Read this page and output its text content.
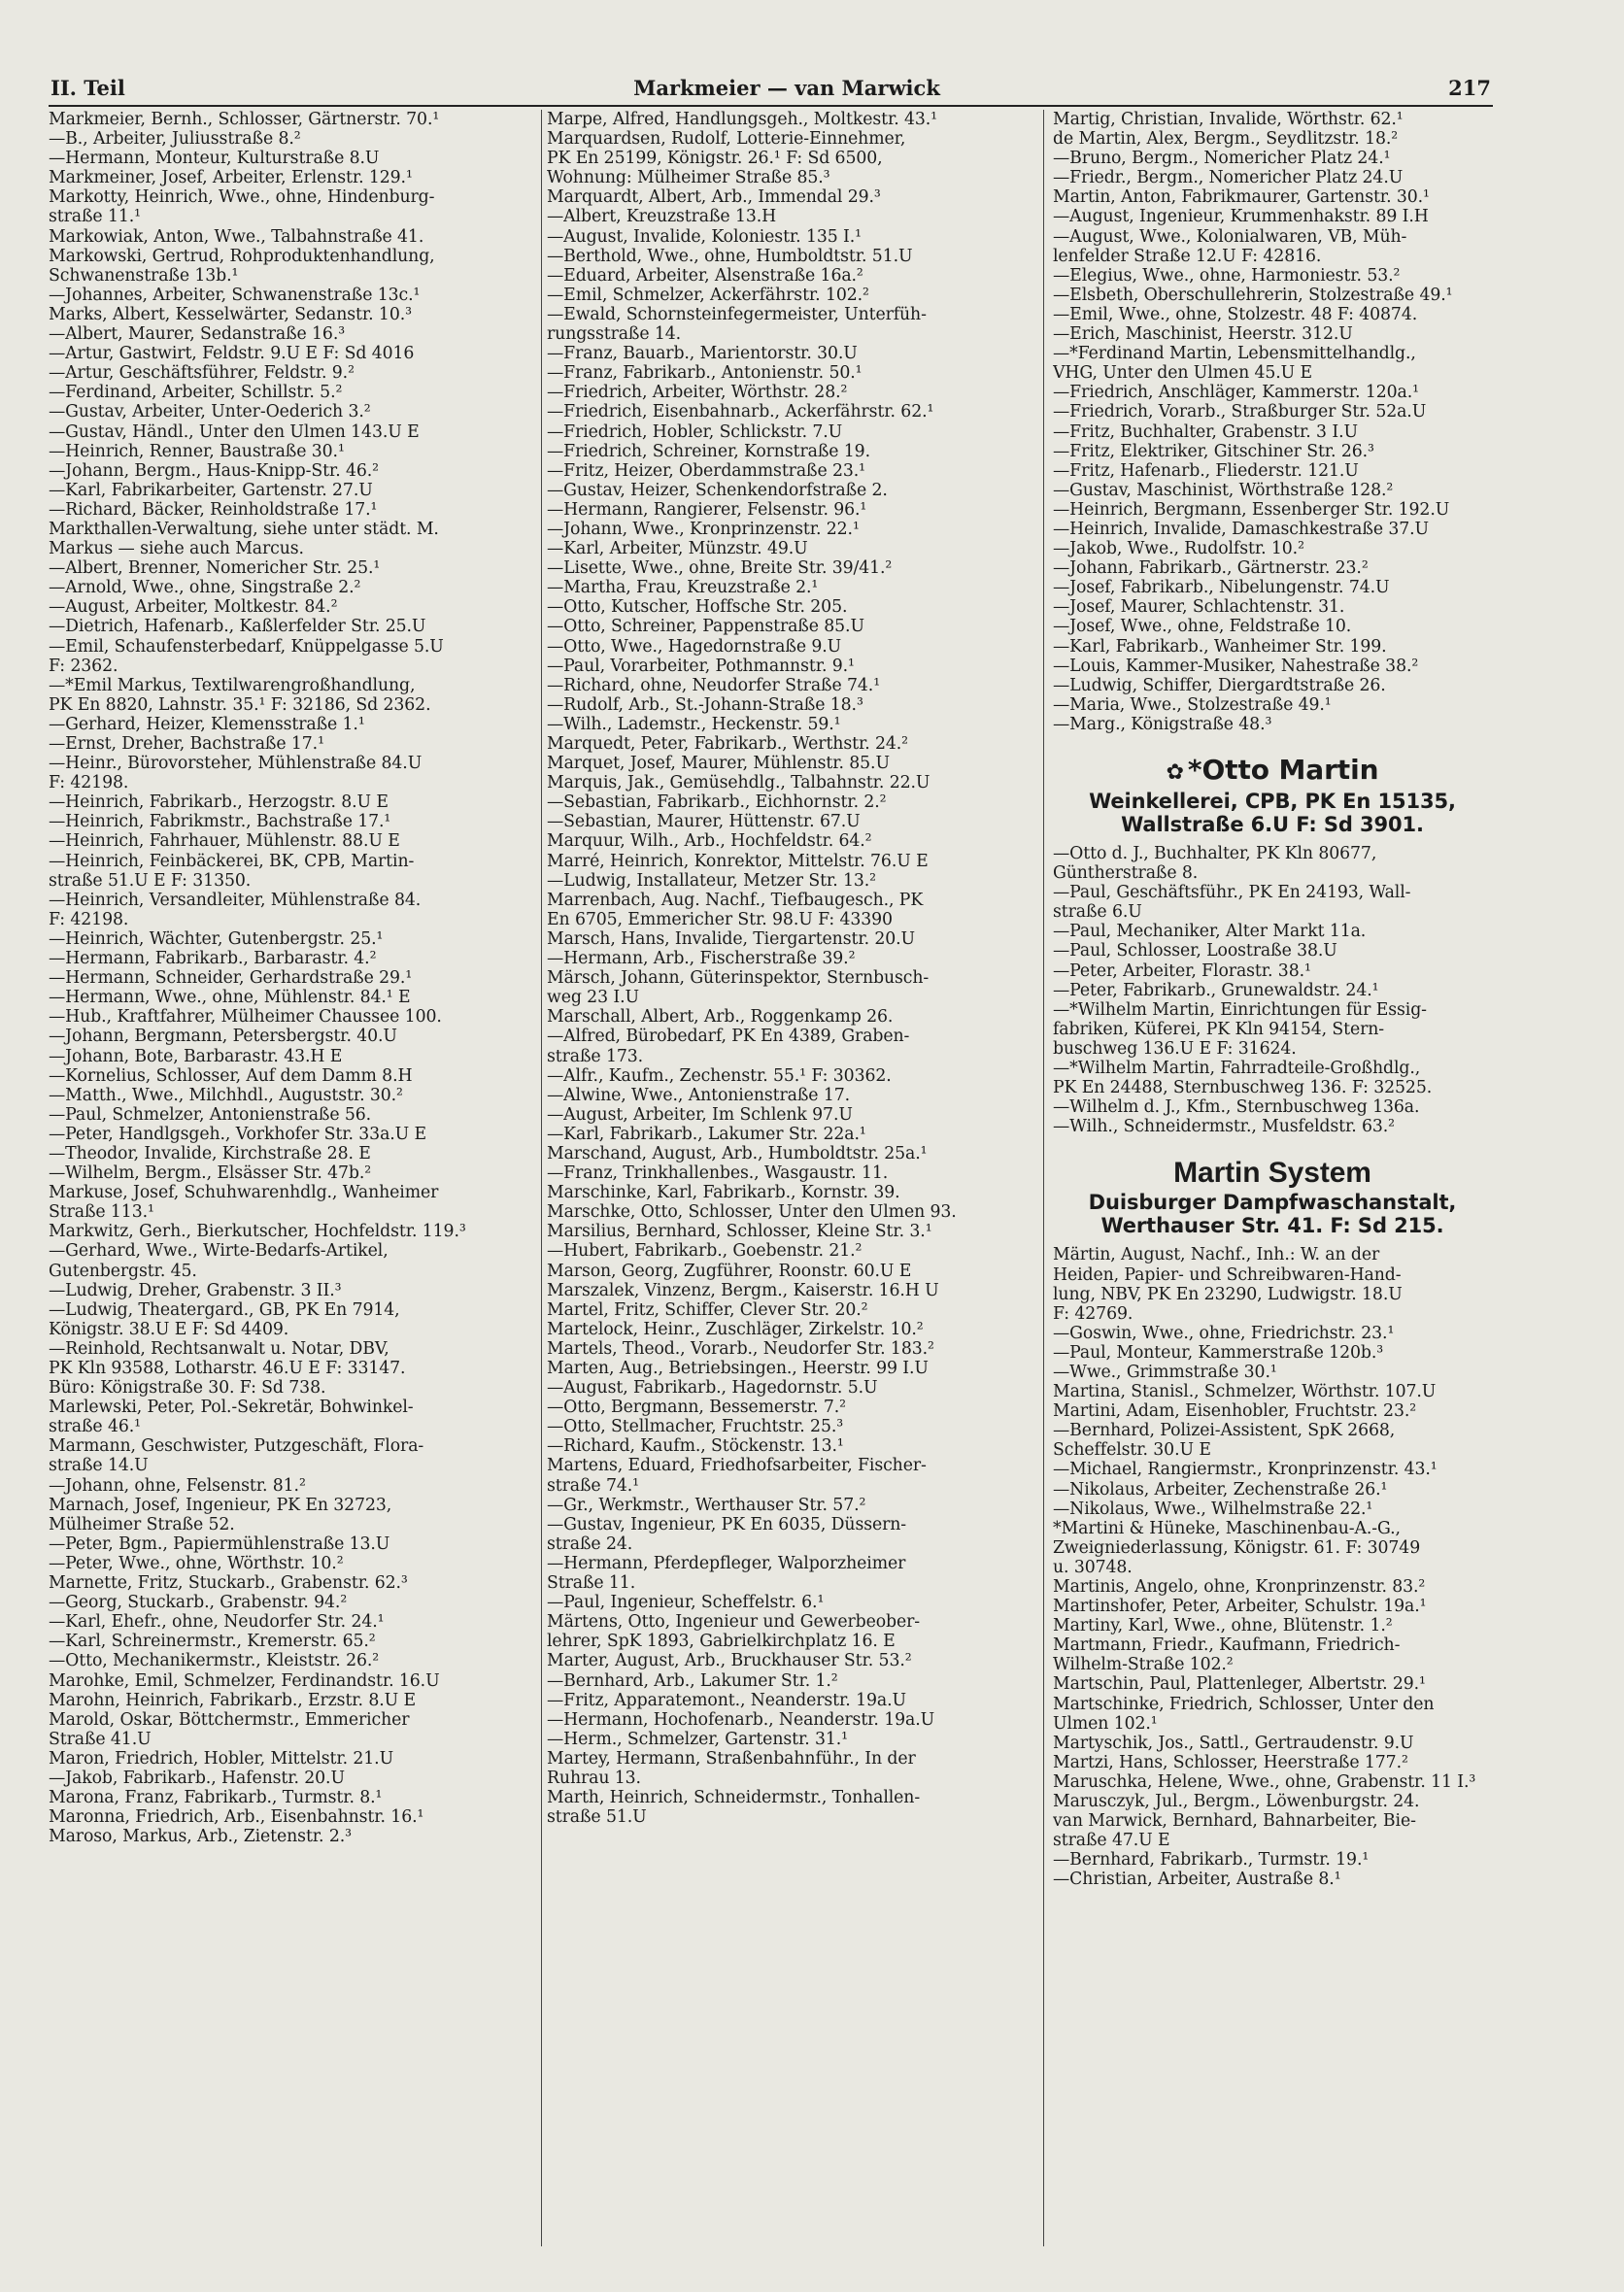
II. Teil	Markmeier — van Marwick	217
Markmeier, Bernh., Schlosser, Gärtnerstr. 70.¹
—B., Arbeiter, Juliusstraße 8.²
—Hermann, Monteur, Kulturstraße 8.U
Markmeiner, Josef, Arbeiter, Erlenstr. 129.¹
Markotty, Heinrich, Wwe., ohne, Hindenburg-
straße 11.¹
Markowiak, Anton, Wwe., Talbahnstraße 41.
Markowski, Gertrud, Rohproduktenhandlung,
Schwanenstraße 13b.¹
—Johannes, Arbeiter, Schwanenstraße 13c.¹
Marks, Albert, Kesselwärter, Sedanstr. 10.³
—Albert, Maurer, Sedanstraße 16.³
—Artur, Gastwirt, Feldstr. 9.U E F: Sd 4016
—Artur, Geschäftsführer, Feldstr. 9.²
—Ferdinand, Arbeiter, Schillstr. 5.²
—Gustav, Arbeiter, Unter-Oederich 3.²
—Gustav, Händl., Unter den Ulmen 143.U E
—Heinrich, Renner, Baustraße 30.¹
—Johann, Bergm., Haus-Knipp-Str. 46.²
—Karl, Fabrikarbeiter, Gartenstr. 27.U
—Richard, Bäcker, Reinholdstraße 17.¹
Markthallen-Verwaltung, siehe unter städt. M.
Markus — siehe auch Marcus.
—Albert, Brenner, Nomericher Str. 25.¹
—Arnold, Wwe., ohne, Singstraße 2.²
—August, Arbeiter, Moltkestr. 84.²
—Dietrich, Hafenarb., Kaßlerfelder Str. 25.U
—Emil, Schaufensterbedarf, Knüppelgasse 5.U
F: 2362.
—*Emil Markus, Textilwarengroßhandlung,
PK En 8820, Lahnstr. 35.¹ F: 32186, Sd 2362.
—Gerhard, Heizer, Klemensstraße 1.¹
—Ernst, Dreher, Bachstraße 17.¹
—Heinr., Bürovorsteher, Mühlenstraße 84.U
F: 42198.
—Heinrich, Fabrikarb., Herzogstr. 8.U E
—Heinrich, Fabrikmstr., Bachstraße 17.¹
—Heinrich, Fahrhauer, Mühlenstr. 88.U E
—Heinrich, Feinbäckerei, BK, CPB, Martin-
straße 51.U E F: 31350.
—Heinrich, Versandleiter, Mühlenstraße 84.
F: 42198.
—Heinrich, Wächter, Gutenbergstr. 25.¹
—Hermann, Fabrikarb., Barbarastr. 4.²
—Hermann, Schneider, Gerhardstraße 29.¹
—Hermann, Wwe., ohne, Mühlenstr. 84.¹ E
—Hub., Kraftfahrer, Mülheimer Chaussee 100.
—Johann, Bergmann, Petersbergstr. 40.U
—Johann, Bote, Barbarastr. 43.H E
—Kornelius, Schlosser, Auf dem Damm 8.H
—Matth., Wwe., Milchhdl., Auguststr. 30.²
—Paul, Schmelzer, Antonienstraße 56.
—Peter, Handlgsgeh., Vorkhofer Str. 33a.U E
—Theodor, Invalide, Kirchstraße 28. E
—Wilhelm, Bergm., Elsässer Str. 47b.²
Markuse, Josef, Schuhwarenhdlg., Wanheimer
Straße 113.¹
Markwitz, Gerh., Bierkutscher, Hochfeldstr. 119.³
—Gerhard, Wwe., Wirte-Bedarfs-Artikel,
Gutenbergstr. 45.
—Ludwig, Dreher, Grabenstr. 3 II.³
—Ludwig, Theatergard., GB, PK En 7914,
Königstr. 38.U E F: Sd 4409.
—Reinhold, Rechtsanwalt u. Notar, DBV,
PK Kln 93588, Lotharstr. 46.U E F: 33147.
Büro: Königstraße 30. F: Sd 738.
Marlewski, Peter, Pol.-Sekretär, Bohwinkel-
straße 46.¹
Marmann, Geschwister, Putzgeschäft, Flora-
straße 14.U
—Johann, ohne, Felsenstr. 81.²
Marnach, Josef, Ingenieur, PK En 32723,
Mülheimer Straße 52.
—Peter, Bgm., Papiermühlenstraße 13.U
—Peter, Wwe., ohne, Wörthstr. 10.²
Marnette, Fritz, Stuckarb., Grabenstr. 62.³
—Georg, Stuckarb., Grabenstr. 94.²
—Karl, Ehefr., ohne, Neudorfer Str. 24.¹
—Karl, Schreinermstr., Kremerstr. 65.²
—Otto, Mechanikermstr., Kleiststr. 26.²
Marohke, Emil, Schmelzer, Ferdinandstr. 16.U
Marohn, Heinrich, Fabrikarb., Erzstr. 8.U E
Marold, Oskar, Böttchermstr., Emmericher
Straße 41.U
Maron, Friedrich, Hobler, Mittelstr. 21.U
—Jakob, Fabrikarb., Hafenstr. 20.U
Marona, Franz, Fabrikarb., Turmstr. 8.¹
Maronna, Friedrich, Arb., Eisenbahnstr. 16.¹
Maroso, Markus, Arb., Zietenstr. 2.³
Marpe, Alfred, Handlungsgeh., Moltkestr. 43.¹
Marquardsen, Rudolf, Lotterie-Einnehmer,
PK En 25199, Königstr. 26.¹ F: Sd 6500,
Wohnung: Mülheimer Straße 85.³
Marquardt, Albert, Arb., Immendal 29.³
—Albert, Kreuzstraße 13.H
—August, Invalide, Koloniestr. 135 I.¹
—Berthold, Wwe., ohne, Humboldtstr. 51.U
—Eduard, Arbeiter, Alsenstraße 16a.²
—Emil, Schmelzer, Ackerfährstr. 102.²
—Ewald, Schornsteinfegermeister, Unterfüh-
rungsstraße 14.
—Franz, Bauarb., Marientorstr. 30.U
—Franz, Fabrikarb., Antonienstr. 50.¹
—Friedrich, Arbeiter, Wörthstr. 28.²
—Friedrich, Eisenbahnarb., Ackerfährstr. 62.¹
—Friedrich, Hobler, Schlickstr. 7.U
—Friedrich, Schreiner, Kornstraße 19.
—Fritz, Heizer, Oberdammstraße 23.¹
—Gustav, Heizer, Schenkendorfstraße 2.
—Hermann, Rangierer, Felsenstr. 96.¹
—Johann, Wwe., Kronprinzenstr. 22.¹
—Karl, Arbeiter, Münzstr. 49.U
—Lisette, Wwe., ohne, Breite Str. 39/41.²
—Martha, Frau, Kreuzstraße 2.¹
—Otto, Kutscher, Hoffsche Str. 205.
—Otto, Schreiner, Pappenstraße 85.U
—Otto, Wwe., Hagedornstraße 9.U
—Paul, Vorarbeiter, Pothmannstr. 9.¹
—Richard, ohne, Neudorfer Straße 74.¹
—Rudolf, Arb., St.-Johann-Straße 18.³
—Wilh., Lademstr., Heckenstr. 59.¹
Marquedt, Peter, Fabrikarb., Werthstr. 24.²
Marquet, Josef, Maurer, Mühlenstr. 85.U
Marquis, Jak., Gemüsehdlg., Talbahnstr. 22.U
—Sebastian, Fabrikarb., Eichhornstr. 2.²
—Sebastian, Maurer, Hüttenstr. 67.U
Marquur, Wilh., Arb., Hochfeldstr. 64.²
Marré, Heinrich, Konrektor, Mittelstr. 76.U E
—Ludwig, Installateur, Metzer Str. 13.²
Marrenbach, Aug. Nachf., Tiefbaugesch., PK
En 6705, Emmericher Str. 98.U F: 43390
Marsch, Hans, Invalide, Tiergartenstr. 20.U
—Hermann, Arb., Fischerstraße 39.²
Märsch, Johann, Güterinspektor, Sternbusch-
weg 23 I.U
Marschall, Albert, Arb., Roggenkamp 26.
—Alfred, Bürobedarf, PK En 4389, Graben-
straße 173.
—Alfr., Kaufm., Zechenstr. 55.¹ F: 30362.
—Alwine, Wwe., Antonienstraße 17.
—August, Arbeiter, Im Schlenk 97.U
—Karl, Fabrikarb., Lakumer Str. 22a.¹
Marschand, August, Arb., Humboldtstr. 25a.¹
—Franz, Trinkhallenbes., Wasgaustr. 11.
Marschinke, Karl, Fabrikarb., Kornstr. 39.
Marschke, Otto, Schlosser, Unter den Ulmen 93.
Marsilius, Bernhard, Schlosser, Kleine Str. 3.¹
—Hubert, Fabrikarb., Goebenstr. 21.²
Marson, Georg, Zugführer, Roonstr. 60.U E
Marszalek, Vinzenz, Bergm., Kaiserstr. 16.H U
Martel, Fritz, Schiffer, Clever Str. 20.²
Martelock, Heinr., Zuschläger, Zirkelstr. 10.²
Martels, Theod., Vorarb., Neudorfer Str. 183.²
Marten, Aug., Betriebsingen., Heerstr. 99 I.U
—August, Fabrikarb., Hagedornstr. 5.U
—Otto, Bergmann, Bessemerstr. 7.²
—Otto, Stellmacher, Fruchtstr. 25.³
—Richard, Kaufm., Stöckenstr. 13.¹
Martens, Eduard, Friedhofsarbeiter, Fischer-
straße 74.¹
—Gr., Werkmstr., Werthauser Str. 57.²
—Gustav, Ingenieur, PK En 6035, Düssern-
straße 24.
—Hermann, Pferdepfleger, Walporzheimer
Straße 11.
—Paul, Ingenieur, Scheffelstr. 6.¹
Märtens, Otto, Ingenieur und Gewerbeober-
lehrer, SpK 1893, Gabrielkirchplatz 16. E
Marter, August, Arb., Bruckhauser Str. 53.²
—Bernhard, Arb., Lakumer Str. 1.²
—Fritz, Apparatemont., Neanderstr. 19a.U
—Hermann, Hochofenarb., Neanderstr. 19a.U
—Herm., Schmelzer, Gartenstr. 31.¹
Martey, Hermann, Straßenbahnführ., In der
Ruhrau 13.
Marth, Heinrich, Schneidermstr., Tonhallen-
straße 51.U
Martig, Christian, Invalide, Wörthstr. 62.¹
de Martin, Alex, Bergm., Seydlitzstr. 18.²
—Bruno, Bergm., Nomericher Platz 24.¹
—Friedr., Bergm., Nomericher Platz 24.U
Martin, Anton, Fabrikmaurer, Gartenstr. 30.¹
—August, Ingenieur, Krummenhakstr. 89 I.H
—August, Wwe., Kolonialwaren, VB, Müh-
lenfelder Straße 12.U F: 42816.
—Elegius, Wwe., ohne, Harmoniestr. 53.²
—Elsbeth, Oberschullehrerin, Stolzestraße 49.¹
—Emil, Wwe., ohne, Stolzestr. 48 F: 40874.
—Erich, Maschinist, Heerstr. 312.U
—*Ferdinand Martin, Lebensmittelhandlg.,
VHG, Unter den Ulmen 45.U E
—Friedrich, Anschläger, Kammerstr. 120a.¹
—Friedrich, Vorarb., Straßburger Str. 52a.U
—Fritz, Buchhalter, Grabenstr. 3 I.U
—Fritz, Elektriker, Gitschiner Str. 26.³
—Fritz, Hafenarb., Fliederstr. 121.U
—Gustav, Maschinist, Wörthstraße 128.²
—Heinrich, Bergmann, Essenberger Str. 192.U
—Heinrich, Invalide, Damaschkestraße 37.U
—Jakob, Wwe., Rudolfstr. 10.²
—Johann, Fabrikarb., Gärtnerstr. 23.²
—Josef, Fabrikarb., Nibelungenstr. 74.U
—Josef, Maurer, Schlachtenstr. 31.
—Josef, Wwe., ohne, Feldstraße 10.
—Karl, Fabrikarb., Wanheimer Str. 199.
—Louis, Kammer-Musiker, Nahestraße 38.²
—Ludwig, Schiffer, Diergardtstraße 26.
—Maria, Wwe., Stolzestraße 49.¹
—Marg., Königstraße 48.³
✿ *Otto Martin
Weinkellerei, CPB, PK En 15135,
Wallstraße 6.U F: Sd 3901.
—Otto d. J., Buchhalter, PK Kln 80677,
Güntherstraße 8.
—Paul, Geschäftsführ., PK En 24193, Wall-
straße 6.U
—Paul, Mechaniker, Alter Markt 11a.
—Paul, Schlosser, Loostraße 38.U
—Peter, Arbeiter, Florastr. 38.¹
—Peter, Fabrikarb., Grunewaldstr. 24.¹
—*Wilhelm Martin, Einrichtungen für Essig-
fabriken, Küferei, PK Kln 94154, Stern-
buschweg 136.U E F: 31624.
—*Wilhelm Martin, Fahrradteile-Großhdlg.,
PK En 24488, Sternbuschweg 136. F: 32525.
—Wilhelm d. J., Kfm., Sternbuschweg 136a.
—Wilh., Schneidermstr., Musfeldstr. 63.²
Martin System
Duisburger Dampfwaschanstalt,
Werthauser Str. 41. F: Sd 215.
Märtin, August, Nachf., Inh.: W. an der
Heiden, Papier- und Schreibwaren-Hand-
lung, NBV, PK En 23290, Ludwigstr. 18.U
F: 42769.
—Goswin, Wwe., ohne, Friedrichstr. 23.¹
—Paul, Monteur, Kammerstraße 120b.³
—Wwe., Grimmstraße 30.¹
Martina, Stanisl., Schmelzer, Wörthstr. 107.U
Martini, Adam, Eisenhobler, Fruchtstr. 23.²
—Bernhard, Polizei-Assistent, SpK 2668,
Scheffelstr. 30.U E
—Michael, Rangiermstr., Kronprinzenstr. 43.¹
—Nikolaus, Arbeiter, Zechenstraße 26.¹
—Nikolaus, Wwe., Wilhelmstraße 22.¹
*Martini & Hüneke, Maschinenbau-A.-G.,
Zweigniederlassung, Königstr. 61. F: 30749
u. 30748.
Martinis, Angelo, ohne, Kronprinzenstr. 83.²
Martinshofer, Peter, Arbeiter, Schulstr. 19a.¹
Martiny, Karl, Wwe., ohne, Blütenstr. 1.²
Martmann, Friedr., Kaufmann, Friedrich-
Wilhelm-Straße 102.²
Martschin, Paul, Plattenleger, Albertstr. 29.¹
Martschinke, Friedrich, Schlosser, Unter den
Ulmen 102.¹
Martyschik, Jos., Sattl., Gertraudenstr. 9.U
Martzi, Hans, Schlosser, Heerstraße 177.²
Maruschka, Helene, Wwe., ohne, Grabenstr. 11 I.³
Marusczyk, Jul., Bergm., Löwenburgstr. 24.
van Marwick, Bernhard, Bahnarbeiter, Bie-
straße 47.U E
—Bernhard, Fabrikarb., Turmstr. 19.¹
—Christian, Arbeiter, Austraße 8.¹
